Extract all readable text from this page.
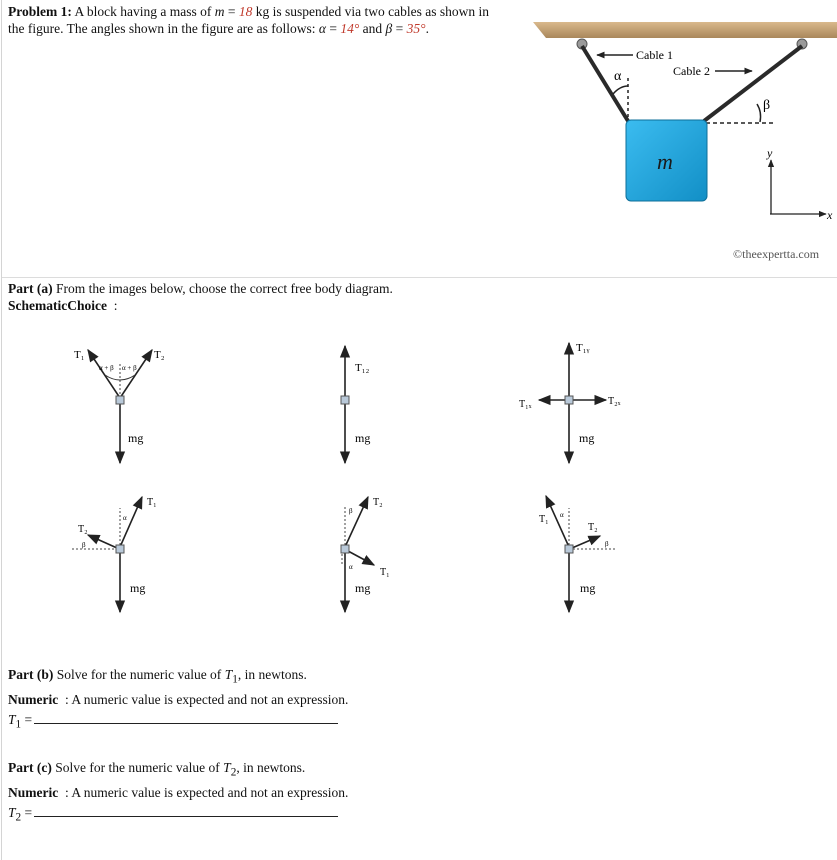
Problem 1: A block having a mass of m = 18 kg is suspended via two cables as shown in the figure. The angles shown in the figure are as follows: α = 14° and β = 35°.
Part (a) From the images below, choose the correct free body diagram.
SchematicChoice :
m
Cable 1
Cable 2
α
β
y
x
©theexpertta.com
T₁	T₂
α + β α + β
mg
T₁₂
mg
T₁ᵧ
T₁ₓ	T₂ₓ
mg
T₁
T₂
α
β
mg
T₂
T₁
β
α
mg
T₁
T₂
α
β
mg
Part (b) Solve for the numeric value of $T_1$, in newtons.
Numeric : A numeric value is expected and not an expression.
$T_1$ =
Part (c) Solve for the numeric value of $T_2$, in newtons.
Numeric : A numeric value is expected and not an expression.
$T_2$ =
